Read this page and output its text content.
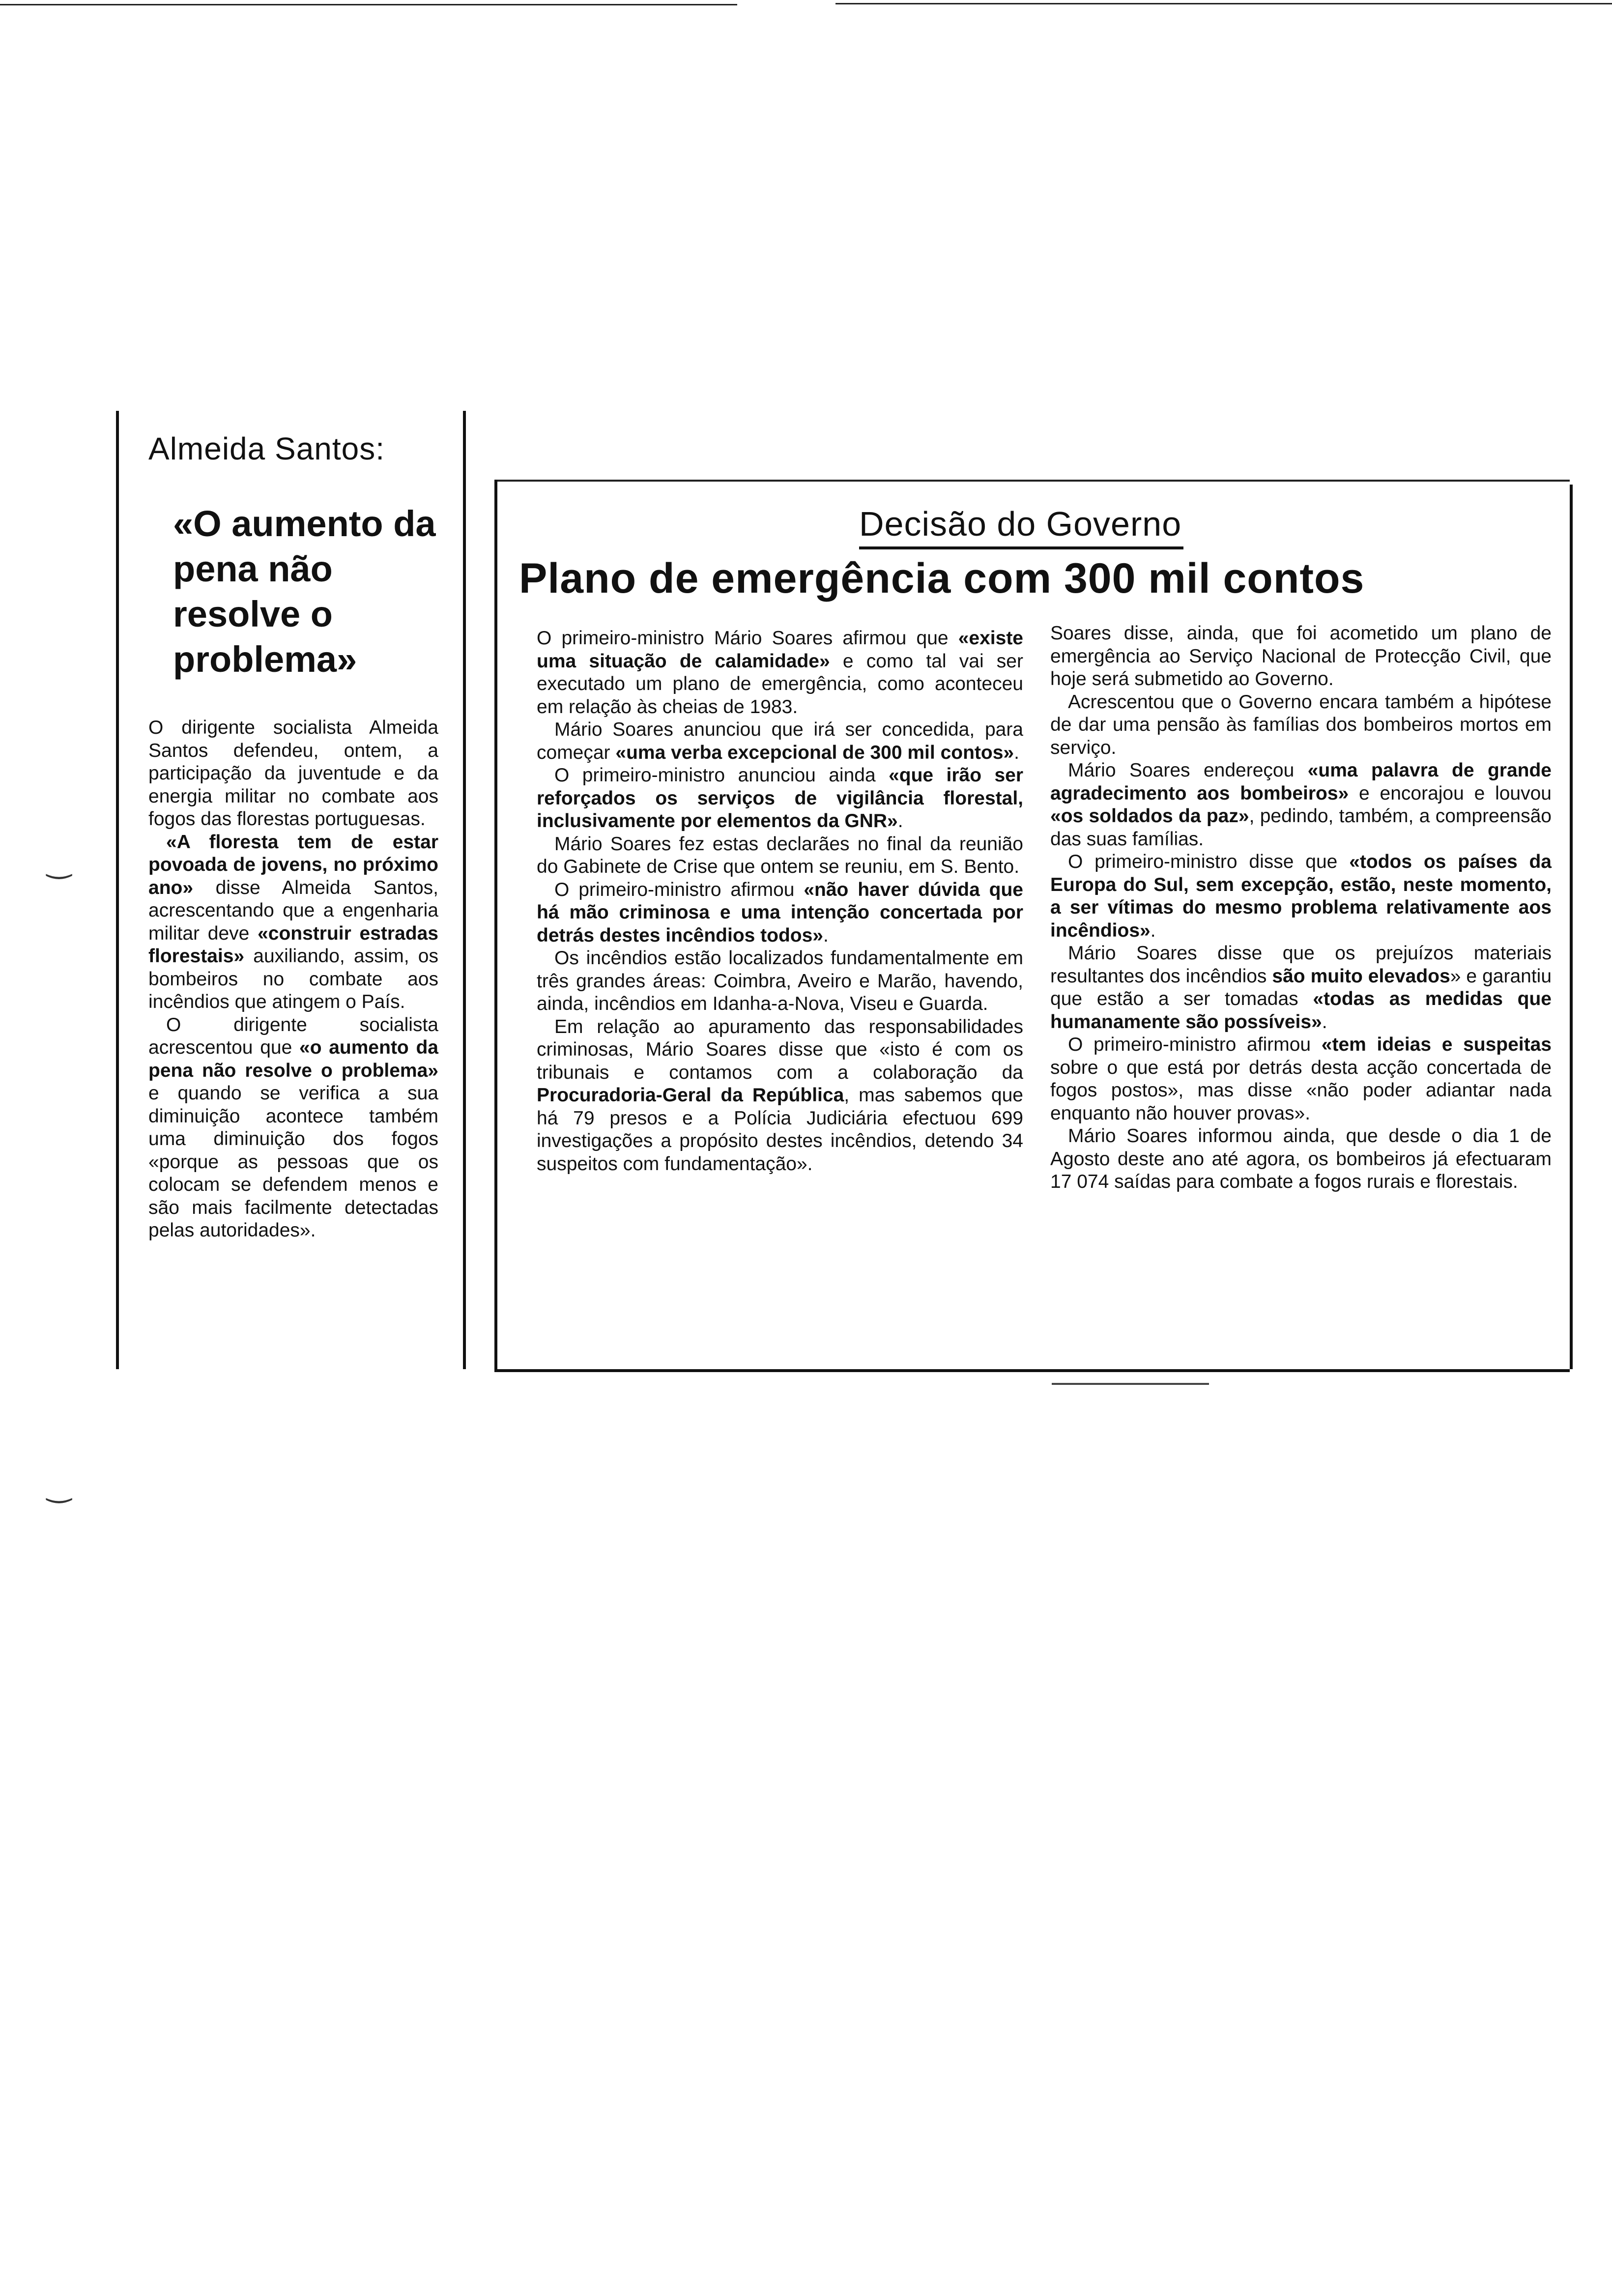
‿
‿
Almeida Santos:
«O aumento da pena não resolve o problema»

O dirigente socialista Almeida Santos defendeu, ontem, a participação da juventude e da energia militar no combate aos fogos das florestas portuguesas.

«A floresta tem de estar povoada de jovens, no próximo ano» disse Almeida Santos, acrescentando que a engenharia militar deve «construir estradas florestais» auxiliando, assim, os bombeiros no combate aos incêndios que atingem o País.

O dirigente socialista acrescentou que «o aumento da pena não resolve o problema» e quando se verifica a sua diminuição acontece também uma diminuição dos fogos «porque as pessoas que os colocam se defendem menos e são mais facilmente detectadas pelas autoridades».

Decisão do Governo
Plano de emergência com 300 mil contos

O primeiro-ministro Mário Soares afirmou que «existe uma situação de calamidade» e como tal vai ser executado um plano de emergência, como aconteceu em relação às cheias de 1983.

Mário Soares anunciou que irá ser concedida, para começar «uma verba excepcional de 300 mil contos».

O primeiro-ministro anunciou ainda «que irão ser reforçados os serviços de vigilância florestal, inclusivamente por elementos da GNR».

Mário Soares fez estas declarães no final da reunião do Gabinete de Crise que ontem se reuniu, em S. Bento.

O primeiro-ministro afirmou «não haver dúvida que há mão criminosa e uma intenção concertada por detrás destes incêndios todos».

Os incêndios estão localizados fundamentalmente em três grandes áreas: Coimbra, Aveiro e Marão, havendo, ainda, incêndios em Idanha-a-Nova, Viseu e Guarda.

Em relação ao apuramento das responsabilidades criminosas, Mário Soares disse que «isto é com os tribunais e contamos com a colaboração da Procuradoria-Geral da República, mas sabemos que há 79 presos e a Polícia Judiciária efectuou 699 investigações a propósito destes incêndios, detendo 34 suspeitos com fundamentação».

Soares disse, ainda, que foi acometido um plano de emergência ao Serviço Nacional de Protecção Civil, que hoje será submetido ao Governo.

Acrescentou que o Governo encara também a hipótese de dar uma pensão às famílias dos bombeiros mortos em serviço.

Mário Soares endereçou «uma palavra de grande agradecimento aos bombeiros» e encorajou e louvou «os soldados da paz», pedindo, também, a compreensão das suas famílias.

O primeiro-ministro disse que «todos os países da Europa do Sul, sem excepção, estão, neste momento, a ser vítimas do mesmo problema relativamente aos incêndios».

Mário Soares disse que os prejuízos materiais resultantes dos incêndios são muito elevados» e garantiu que estão a ser tomadas «todas as medidas que humanamente são possíveis».

O primeiro-ministro afirmou «tem ideias e suspeitas sobre o que está por detrás desta acção concertada de fogos postos», mas disse «não poder adiantar nada enquanto não houver provas».

Mário Soares informou ainda, que desde o dia 1 de Agosto deste ano até agora, os bombeiros já efectuaram 17 074 saídas para combate a fogos rurais e florestais.
